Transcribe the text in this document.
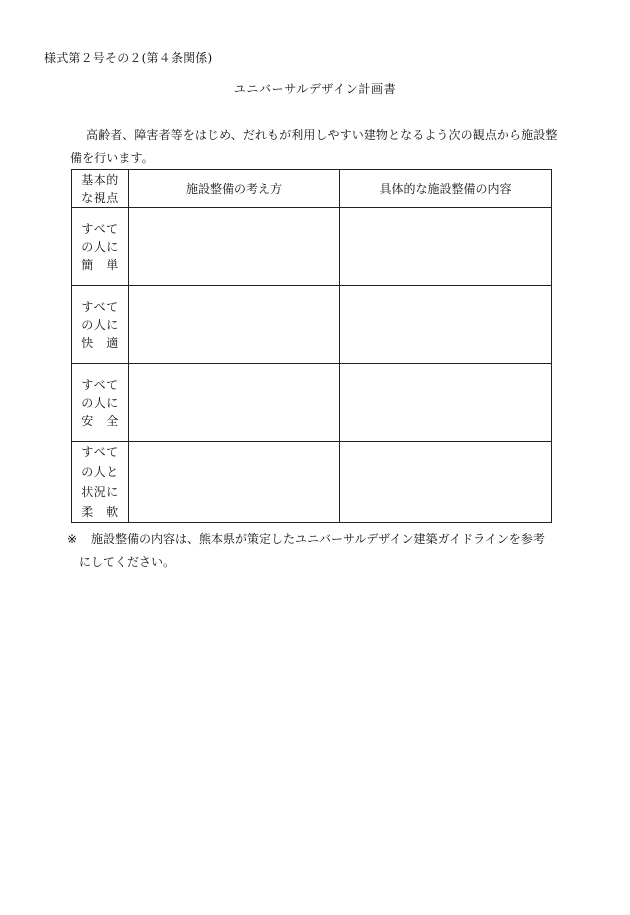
様式第２号その２(第４条関係)
ユニバーサルデザイン計画書
高齢者、障害者等をはじめ、だれもが利用しやすい建物となるよう次の観点から施設整
備を行います。
基本的
な視点	施設整備の考え方	具体的な施設整備の内容

すべて
の人に
簡　単		

すべて
の人に
快　適		

すべて
の人に
安　全		

すべて
の人と
状況に
柔　軟		

※ 施設整備の内容は、熊本県が策定したユニバーサルデザイン建築ガイドラインを参考
にしてください。
